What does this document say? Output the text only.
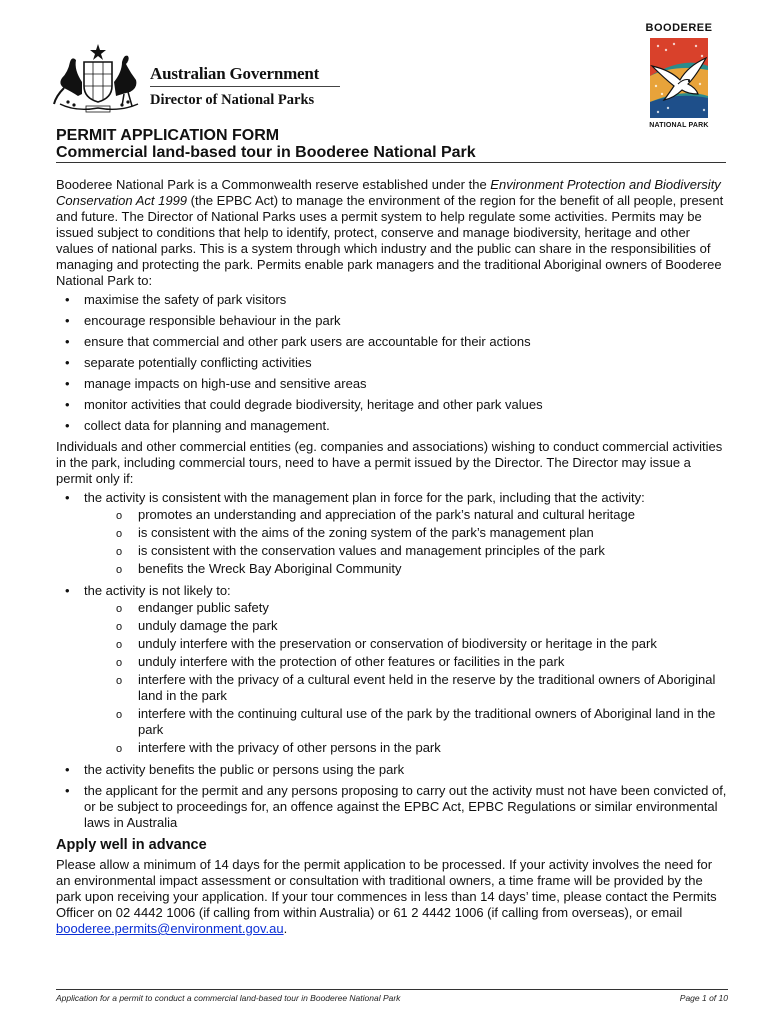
Australian Government
Director of National Parks
BOODEREE
NATIONAL PARK
PERMIT APPLICATION FORM
Commercial land-based tour in Booderee National Park

Booderee National Park is a Commonwealth reserve established under the Environment Protection and Biodiversity Conservation Act 1999 (the EPBC Act) to manage the environment of the region for the benefit of all people, present and future. The Director of National Parks uses a permit system to help regulate some activities. Permits may be issued subject to conditions that help to identify, protect, conserve and manage biodiversity, heritage and other values of national parks. This is a system through which industry and the public can share in the responsibilities of managing and protecting the park. Permits enable park managers and the traditional Aboriginal owners of Booderee National Park to:

• maximise the safety of park visitors
• encourage responsible behaviour in the park
• ensure that commercial and other park users are accountable for their actions
• separate potentially conflicting activities
• manage impacts on high-use and sensitive areas
• monitor activities that could degrade biodiversity, heritage and other park values
• collect data for planning and management.

Individuals and other commercial entities (eg. companies and associations) wishing to conduct commercial activities in the park, including commercial tours, need to have a permit issued by the Director. The Director may issue a permit only if:

• the activity is consistent with the management plan in force for the park, including that the activity:
o promotes an understanding and appreciation of the park’s natural and cultural heritage
o is consistent with the aims of the zoning system of the park’s management plan
o is consistent with the conservation values and management principles of the park
o benefits the Wreck Bay Aboriginal Community
• the activity is not likely to:
o endanger public safety
o unduly damage the park
o unduly interfere with the preservation or conservation of biodiversity or heritage in the park
o unduly interfere with the protection of other features or facilities in the park
o interfere with the privacy of a cultural event held in the reserve by the traditional owners of Aboriginal land in the park
o interfere with the continuing cultural use of the park by the traditional owners of Aboriginal land in the park
o interfere with the privacy of other persons in the park
• the activity benefits the public or persons using the park
• the applicant for the permit and any persons proposing to carry out the activity must not have been convicted of, or be subject to proceedings for, an offence against the EPBC Act, EPBC Regulations or similar environmental laws in Australia
Apply well in advance

Please allow a minimum of 14 days for the permit application to be processed. If your activity involves the need for an environmental impact assessment or consultation with traditional owners, a time frame will be provided by the park upon receiving your application. If your tour commences in less than 14 days’ time, please contact the Permits Officer on 02 4442 1006 (if calling from within Australia) or 61 2 4442 1006 (if calling from overseas), or email booderee.permits@environment.gov.au.

Application for a permit to conduct a commercial land-based tour in Booderee National Park	Page 1 of 10
